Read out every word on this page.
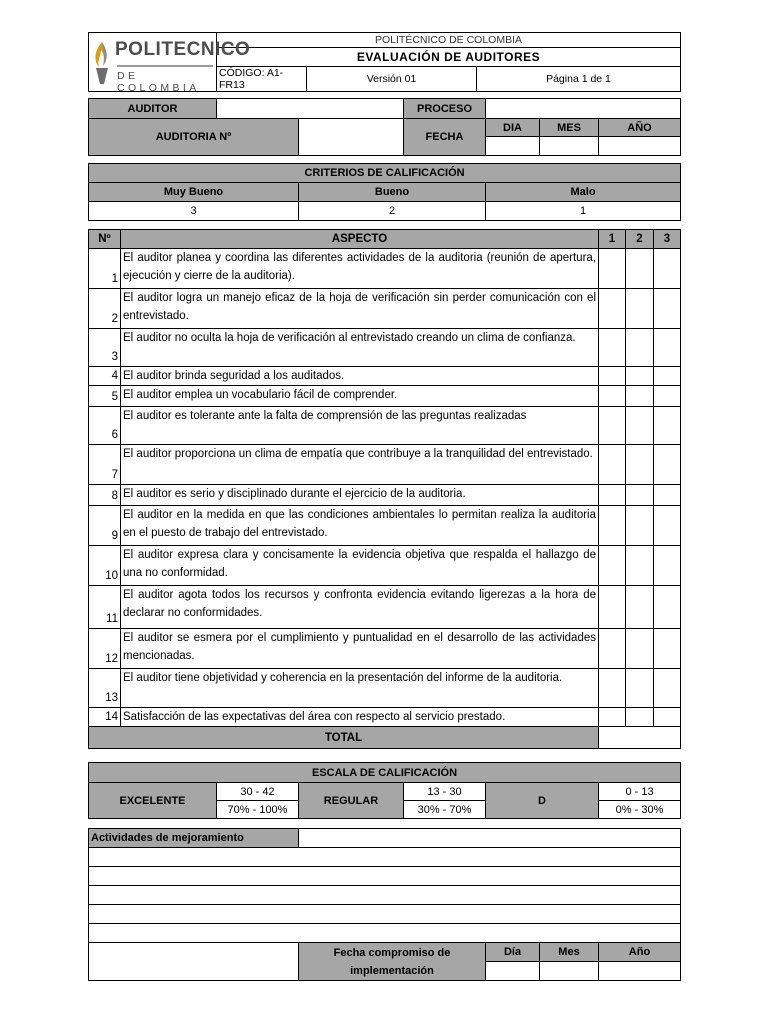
POLITECNICO
DE COLOMBIA	POLITÉCNICO DE COLOMBIA		
	EVALUACIÓN DE AUDITORES		
	CÓDIGO: A1-FR13	Versión 01	Página 1 de 1
AUDITOR			PROCESO			
AUDITORIA Nº			FECHA	DIA	MES	AÑO

CRITERIOS DE CALIFICACIÓN		
Muy Bueno	Bueno	Malo
3	2	1
Nº	ASPECTO	1	2	3
1	El auditor planea y coordina las diferentes actividades de la auditoria (reunión de apertura, ejecución y cierre de la auditoria).			
2	El auditor logra un manejo eficaz de la hoja de verificación sin perder comunicación con el entrevistado.			
3	El auditor no oculta la hoja de verificación al entrevistado creando un clima de confianza.			
4	El auditor brinda seguridad a los auditados.			
5	El auditor emplea un vocabulario fácil de comprender.			
6	El auditor es tolerante ante la falta de comprensión de las preguntas realizadas			
7	El auditor proporciona un clima de empatía que contribuye a la tranquilidad del entrevistado.			
8	El auditor es serio y disciplinado durante el ejercicio de la auditoria.			
9	El auditor en la medida en que las condiciones ambientales lo permitan realiza la auditoria en el puesto de trabajo del entrevistado.			
10	El auditor expresa clara y concisamente la evidencia objetiva que respalda el hallazgo de una no conformidad.			
11	El auditor agota todos los recursos y confronta evidencia evitando ligerezas a la hora de declarar no conformidades.			
12	El auditor se esmera por el cumplimiento y puntualidad en el desarrollo de las actividades mencionadas.			
13	El auditor tiene objetividad y coherencia en la presentación del informe de la auditoria.			
14	Satisfacción de las expectativas del área con respecto al servicio prestado.			
TOTAL				
ESCALA DE CALIFICACIÓN					
EXCELENTE	30 - 42	REGULAR	13 - 30	D	0 - 13
	70% - 100%		30% - 70%		0% - 30%
Actividades de mejoramiento				

	Fecha compromiso de implementación	Día	Mes	Año
